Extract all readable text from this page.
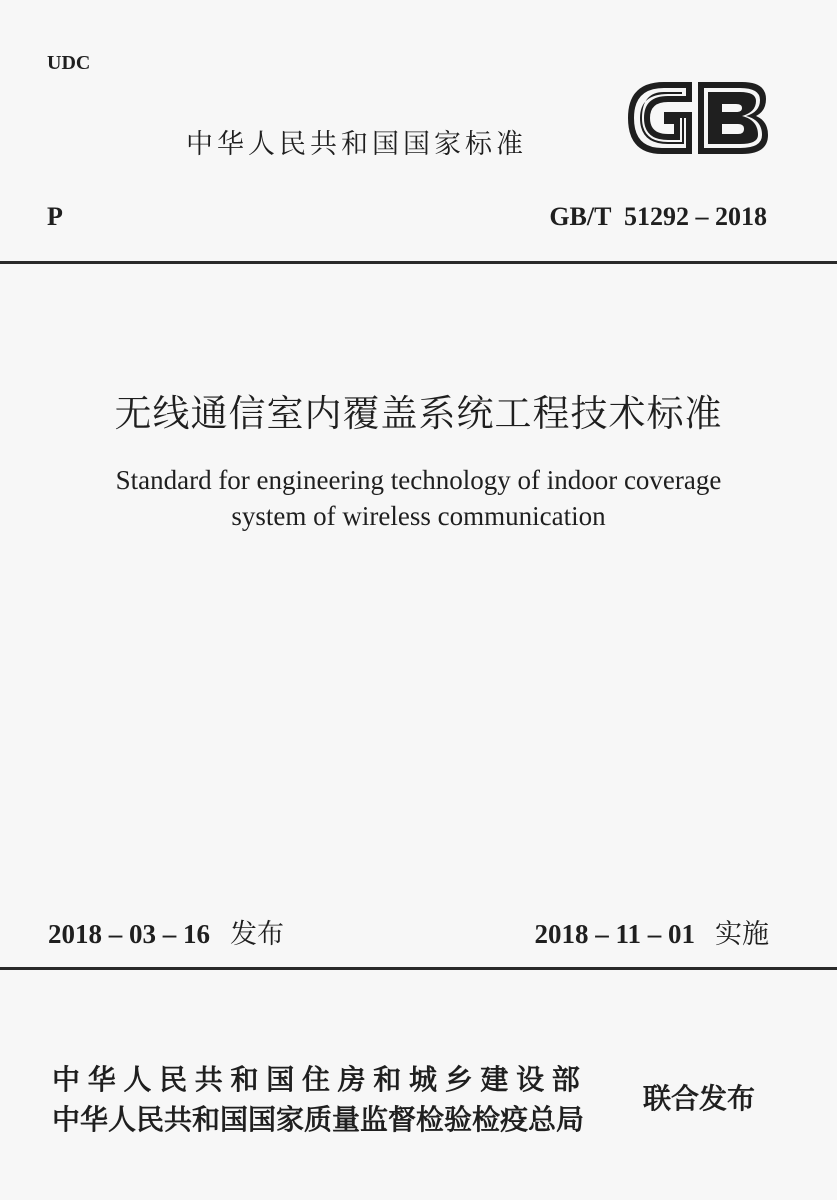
UDC
中华人民共和国国家标准
P	GB/T  51292 – 2018
无线通信室内覆盖系统工程技术标准
Standard for engineering technology of indoor coverage
system of wireless communication
2018 – 03 – 16 发布	2018 – 11 – 01 实施
中华人民共和国住房和城乡建设部
中华人民共和国国家质量监督检验检疫总局
联合发布
